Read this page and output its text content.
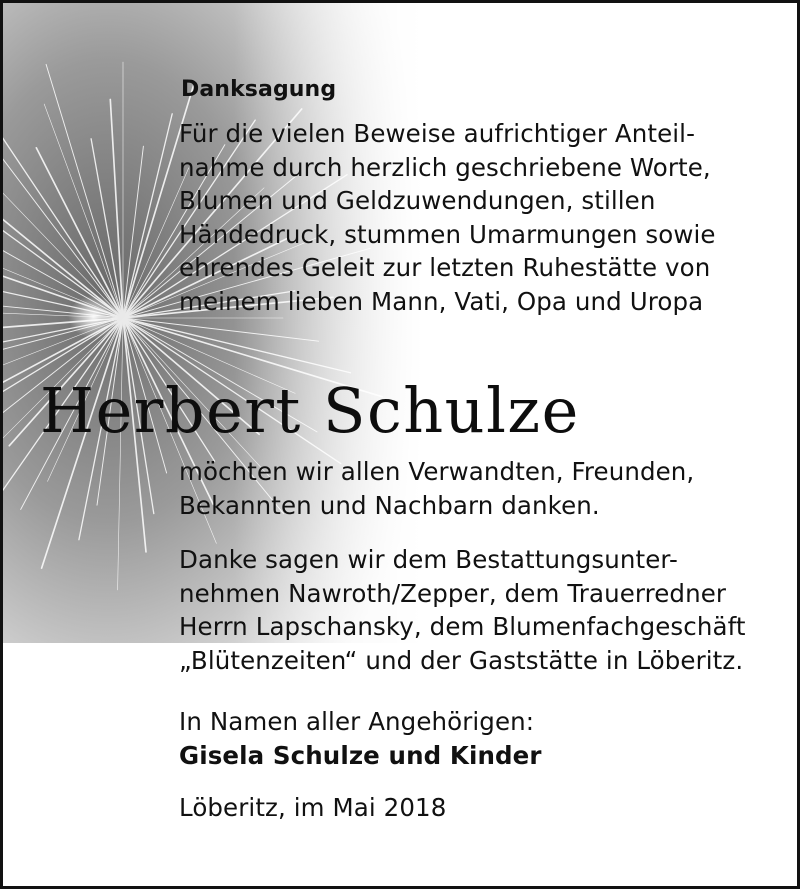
Danksagung
Für die vielen Beweise aufrichtiger Anteil-
nahme durch herzlich geschriebene Worte,
Blumen und Geldzuwendungen, stillen
Händedruck, stummen Umarmungen sowie
ehrendes Geleit zur letzten Ruhestätte von
meinem lieben Mann, Vati, Opa und Uropa
Herbert Schulze
möchten wir allen Verwandten, Freunden,
Bekannten und Nachbarn danken.
Danke sagen wir dem Bestattungsunter-
nehmen Nawroth/Zepper, dem Trauerredner
Herrn Lapschansky, dem Blumenfachgeschäft
„Blütenzeiten“ und der Gaststätte in Löberitz.
In Namen aller Angehörigen:
Gisela Schulze und Kinder
Löberitz, im Mai 2018
